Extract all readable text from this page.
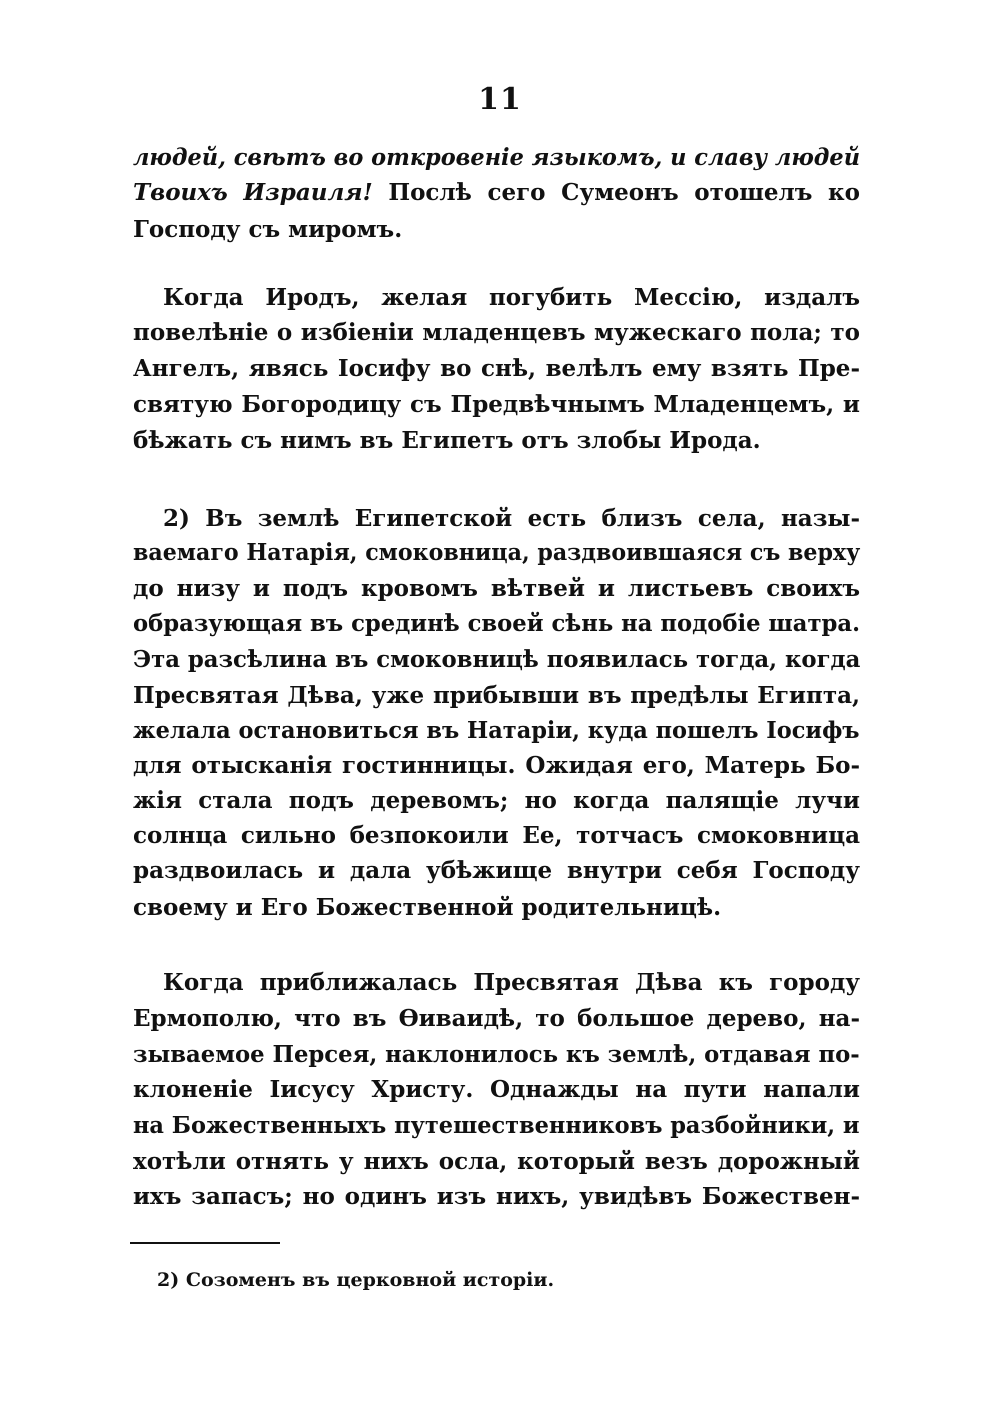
11
людей, свѣтъ во откровеніе языкомъ, и славу людей
Твоихъ Израиля! Послѣ сего Сумеонъ отошелъ ко
Господу съ миромъ.
Когда Иродъ, желая погубить Мессію, издалъ
повелѣніе о избіеніи младенцевъ мужескаго пола; то
Ангелъ, явясь Іосифу во снѣ, велѣлъ ему взять Пре-
святую Богородицу съ Предвѣчнымъ Младенцемъ, и
бѣжать съ нимъ въ Египетъ отъ злобы Ирода.
2) Въ землѣ Египетской есть близъ села, назы-
ваемаго Натарія, смоковница, раздвоившаяся съ верху
до низу и подъ кровомъ вѣтвей и листьевъ своихъ
образующая въ срединѣ своей сѣнь на подобіе шатра.
Эта разсѣлина въ смоковницѣ появилась тогда, когда
Пресвятая Дѣва, уже прибывши въ предѣлы Египта,
желала остановиться въ Натаріи, куда пошелъ Іосифъ
для отысканія гостинницы. Ожидая его, Матерь Бо-
жія стала подъ деревомъ; но когда палящіе лучи
солнца сильно безпокоили Ее, тотчасъ смоковница
раздвоилась и дала убѣжище внутри себя Господу
своему и Его Божественной родительницѣ.
Когда приближалась Пресвятая Дѣва къ городу
Ермополю, что въ Өиваидѣ, то большое дерево, на-
зываемое Перcея, наклонилось къ землѣ, отдавая по-
клоненіе Іисусу Христу. Однажды на пути напали
на Божественныхъ путешественниковъ разбойники, и
хотѣли отнять у нихъ осла, который везъ дорожный
ихъ запасъ; но одинъ изъ нихъ, увидѣвъ Божествен-
2) Созоменъ въ церковной исторіи.
